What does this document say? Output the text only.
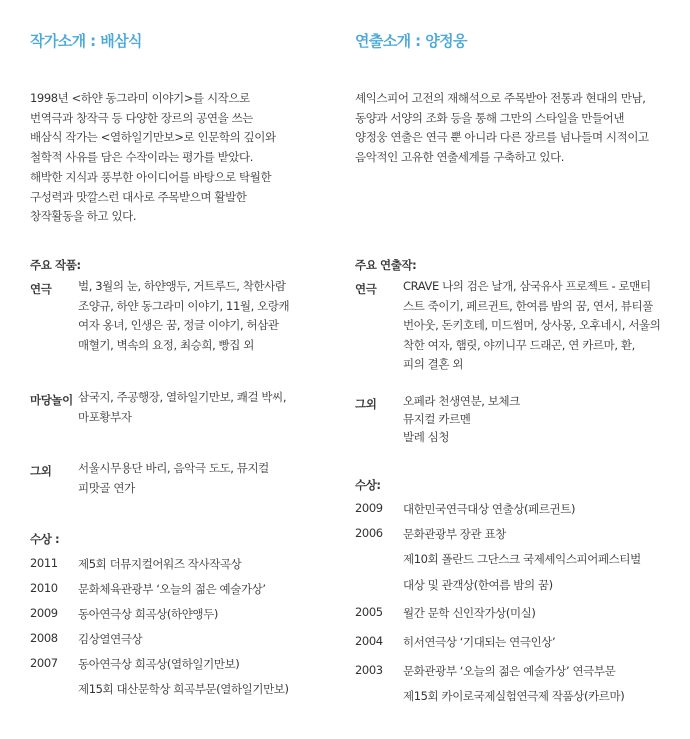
작가소개 : 배삼식
1998년 <하얀 동그라미 이야기>를 시작으로
번역극과 창작극 등 다양한 장르의 공연을 쓰는
배삼식 작가는 <열하일기만보>로 인문학의 깊이와
철학적 사유를 담은 수작이라는 평가를 받았다.
해박한 지식과 풍부한 아이디어를 바탕으로 탁월한
구성력과 맛깔스런 대사로 주목받으며 활발한
창작활동을 하고 있다.
주요 작품:
연극 벌, 3월의 눈, 하얀앵두, 거트루드, 착한사람
조양규, 하얀 동그라미 이야기, 11월, 오랑캐
여자 옹녀, 인생은 꿈, 정글 이야기, 허삼관
매혈기, 벽속의 요정, 최승희, 빵집 외
마당놀이 삼국지, 주공행장, 열하일기만보, 쾌걸 박씨,
마포황부자
그외 서울시무용단 바리, 음악극 도도, 뮤지컬
피맛골 연가
수상 :
2011 제5회 더뮤지컬어워즈 작사작곡상
2010 문화체육관광부 ‘오늘의 젊은 예술가상’
2009 동아연극상 희곡상(하얀앵두)
2008 김상열연극상
2007 동아연극상 희곡상(열하일기만보)
제15회 대산문학상 희곡부문(열하일기만보)
연출소개 : 양정웅
셰익스피어 고전의 재해석으로 주목받아 전통과 현대의 만남,
동양과 서양의 조화 등을 통해 그만의 스타일을 만들어낸
양정웅 연출은 연극 뿐 아니라 다른 장르를 넘나들며 시적이고
음악적인 고유한 연출세계를 구축하고 있다.
주요 연출작:
연극 CRAVE 나의 검은 날개, 삼국유사 프로젝트 - 로맨티
스트 죽이기, 페르귄트, 한여름 밤의 꿈, 연서, 뷰티풀
번아웃, 돈키호테, 미드썸머, 상사몽, 오후네시, 서울의
착한 여자, 햄릿, 야끼니꾸 드래곤, 연 카르마, 환,
피의 결혼 외
그외 오페라 천생연분, 보체크
뮤지컬 카르멘
발레 심청
수상:
2009 대한민국연극대상 연출상(페르귄트)
2006 문화관광부 장관 표창
제10회 폴란드 그단스크 국제셰익스피어페스티벌
대상 및 관객상(한여름 밤의 꿈)
2005 월간 문학 신인작가상(미실)
2004 히서연극상 ‘기대되는 연극인상’
2003 문화관광부 ‘오늘의 젊은 예술가상’ 연극부문
제15회 카이로국제실험연극제 작품상(카르마)
